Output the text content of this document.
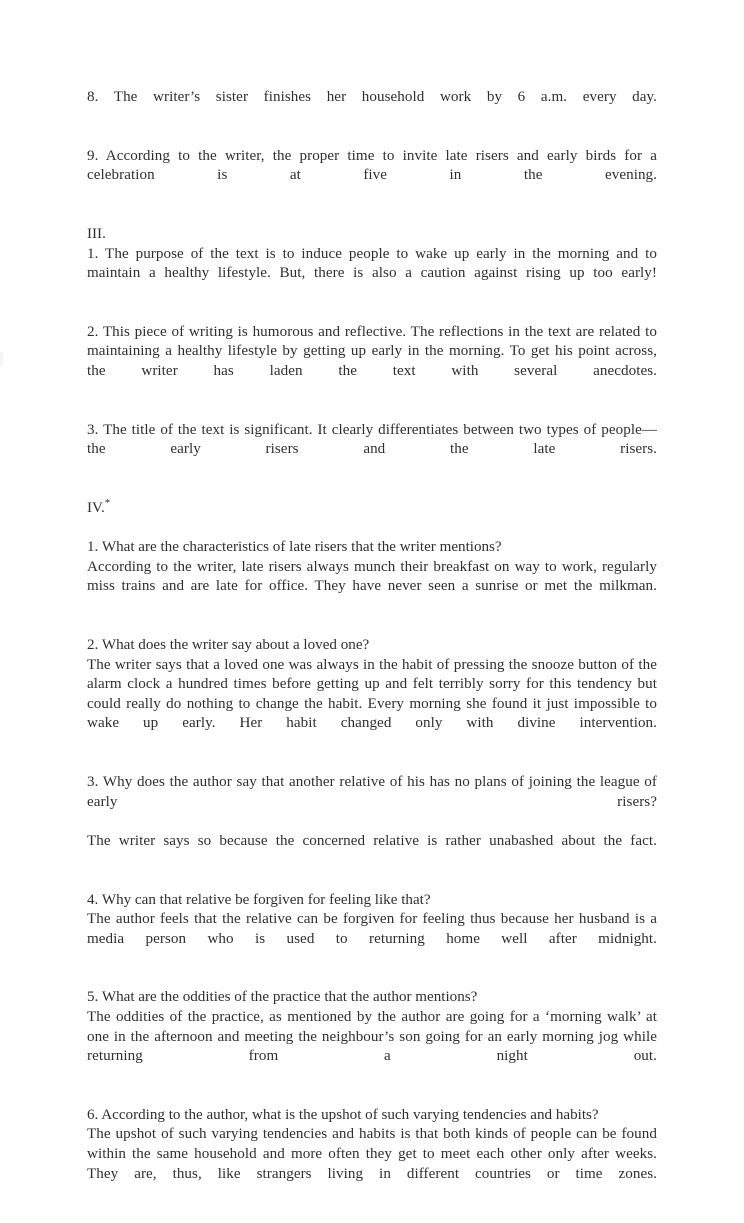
8. The writer’s sister finishes her household work by 6 a.m. every day.

9. According to the writer, the proper time to invite late risers and early birds for a celebration is at five in the evening.

III.

1. The purpose of the text is to induce people to wake up early in the morning and to maintain a healthy lifestyle. But, there is also a caution against rising up too early!

2. This piece of writing is humorous and reflective. The reflections in the text are related to maintaining a healthy lifestyle by getting up early in the morning. To get his point across, the writer has laden the text with several anecdotes.

3. The title of the text is significant. It clearly differentiates between two types of people—the early risers and the late risers.

IV.*

1. What are the characteristics of late risers that the writer mentions?

According to the writer, late risers always munch their breakfast on way to work, regularly miss trains and are late for office. They have never seen a sunrise or met the milkman.

2. What does the writer say about a loved one?

The writer says that a loved one was always in the habit of pressing the snooze button of the alarm clock a hundred times before getting up and felt terribly sorry for this tendency but could really do nothing to change the habit. Every morning she found it just impossible to wake up early. Her habit changed only with divine intervention.

3. Why does the author say that another relative of his has no plans of joining the league of early risers?

The writer says so because the concerned relative is rather unabashed about the fact.

4. Why can that relative be forgiven for feeling like that?

The author feels that the relative can be forgiven for feeling thus because her husband is a media person who is used to returning home well after midnight.

5. What are the oddities of the practice that the author mentions?

The oddities of the practice, as mentioned by the author are going for a ‘morning walk’ at one in the afternoon and meeting the neighbour’s son going for an early morning jog while returning from a night out.

6. According to the author, what is the upshot of such varying tendencies and habits?

The upshot of such varying tendencies and habits is that both kinds of people can be found within the same household and more often they get to meet each other only after weeks. They are, thus, like strangers living in different countries or time zones.
